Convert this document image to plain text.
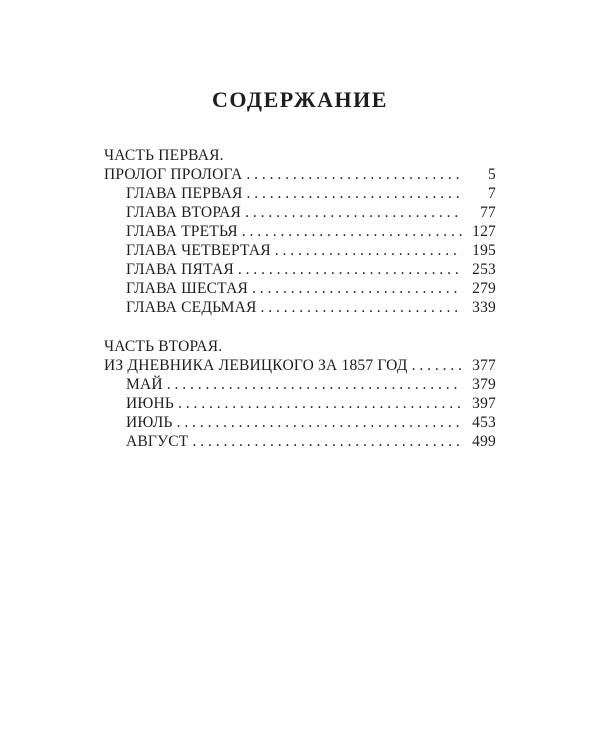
СОДЕРЖАНИЕ
ЧАСТЬ ПЕРВАЯ.
ПРОЛОГ ПРОЛОГА . . .	5
ГЛАВА ПЕРВАЯ . . .	7
ГЛАВА ВТОРАЯ . . .	77
ГЛАВА ТРЕТЬЯ . . .	127
ГЛАВА ЧЕТВЕРТАЯ . . .	195
ГЛАВА ПЯТАЯ . . .	253
ГЛАВА ШЕСТАЯ . . .	279
ГЛАВА СЕДЬМАЯ . . .	339
ЧАСТЬ ВТОРАЯ.
ИЗ ДНЕВНИКА ЛЕВИЦКОГО ЗА 1857 ГОД . . .	377
МАЙ . . .	379
ИЮНЬ . . .	397
ИЮЛЬ . . .	453
АВГУСТ . . .	499
